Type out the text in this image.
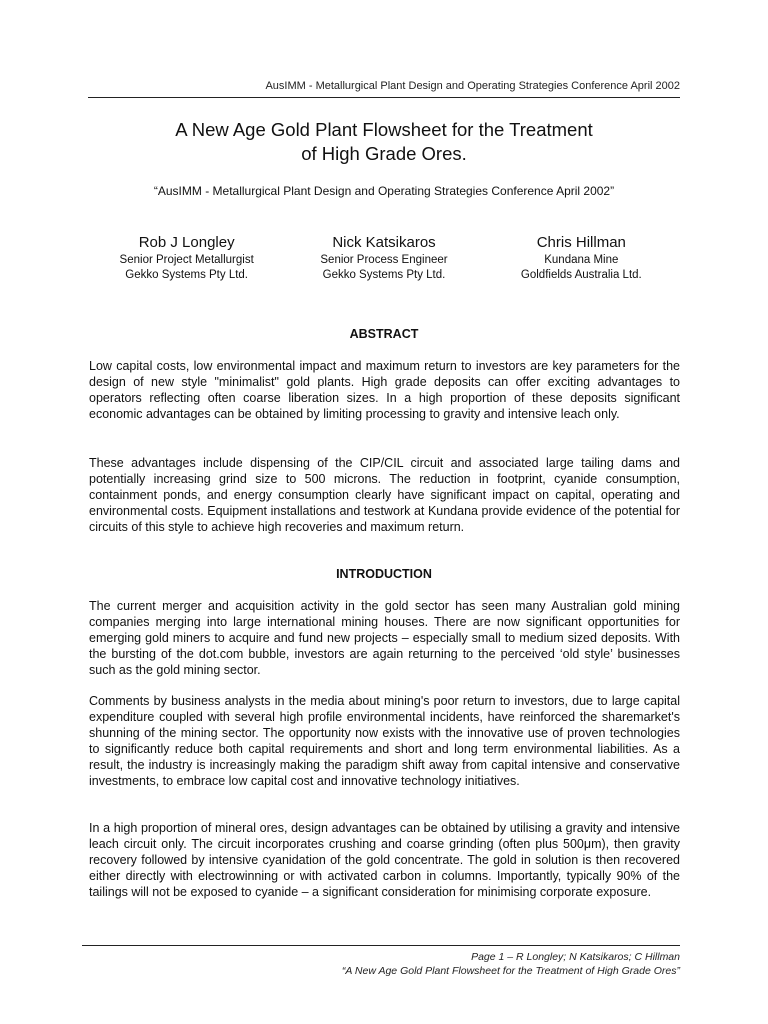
AusIMM - Metallurgical Plant Design and Operating Strategies Conference April 2002
A New Age Gold Plant Flowsheet for the Treatment
of High Grade Ores.
“AusIMM - Metallurgical Plant Design and Operating Strategies Conference April 2002”
Rob J Longley
Senior Project Metallurgist
Gekko Systems Pty Ltd.
Nick Katsikaros
Senior Process Engineer
Gekko Systems Pty Ltd.
Chris Hillman
Kundana Mine
Goldfields Australia Ltd.
ABSTRACT

Low capital costs, low environmental impact and maximum return to investors are key parameters for the design of new style "minimalist" gold plants. High grade deposits can offer exciting advantages to operators reflecting often coarse liberation sizes. In a high proportion of these deposits significant economic advantages can be obtained by limiting processing to gravity and intensive leach only.

These advantages include dispensing of the CIP/CIL circuit and associated large tailing dams and potentially increasing grind size to 500 microns. The reduction in footprint, cyanide consumption, containment ponds, and energy consumption clearly have significant impact on capital, operating and environmental costs. Equipment installations and testwork at Kundana provide evidence of the potential for circuits of this style to achieve high recoveries and maximum return.

INTRODUCTION

The current merger and acquisition activity in the gold sector has seen many Australian gold mining companies merging into large international mining houses. There are now significant opportunities for emerging gold miners to acquire and fund new projects – especially small to medium sized deposits. With the bursting of the dot.com bubble, investors are again returning to the perceived ‘old style’ businesses such as the gold mining sector.

Comments by business analysts in the media about mining's poor return to investors, due to large capital expenditure coupled with several high profile environmental incidents, have reinforced the sharemarket's shunning of the mining sector. The opportunity now exists with the innovative use of proven technologies to significantly reduce both capital requirements and short and long term environmental liabilities. As a result, the industry is increasingly making the paradigm shift away from capital intensive and conservative investments, to embrace low capital cost and innovative technology initiatives.

In a high proportion of mineral ores, design advantages can be obtained by utilising a gravity and intensive leach circuit only. The circuit incorporates crushing and coarse grinding (often plus 500μm), then gravity recovery followed by intensive cyanidation of the gold concentrate. The gold in solution is then recovered either directly with electrowinning or with activated carbon in columns. Importantly, typically 90% of the tailings will not be exposed to cyanide – a significant consideration for minimising corporate exposure.

Page 1 – R Longley; N Katsikaros; C Hillman
“A New Age Gold Plant Flowsheet for the Treatment of High Grade Ores”
